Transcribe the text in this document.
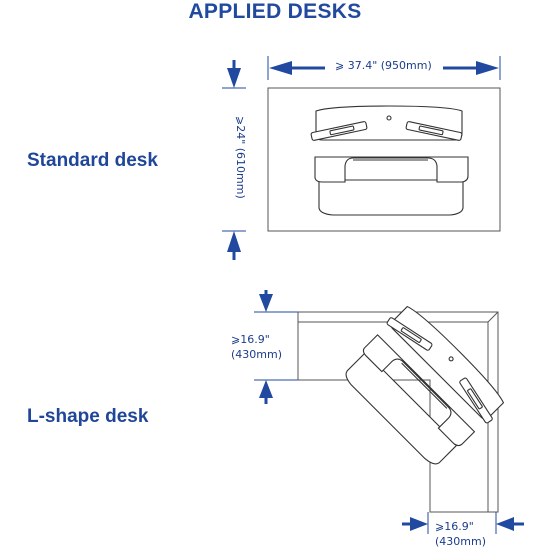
APPLIED DESKS
Standard desk
L-shape desk
⩾ 37.4" (950mm)
⩾24" (610mm)
⩾16.9"
(430mm)
⩾16.9"
(430mm)
